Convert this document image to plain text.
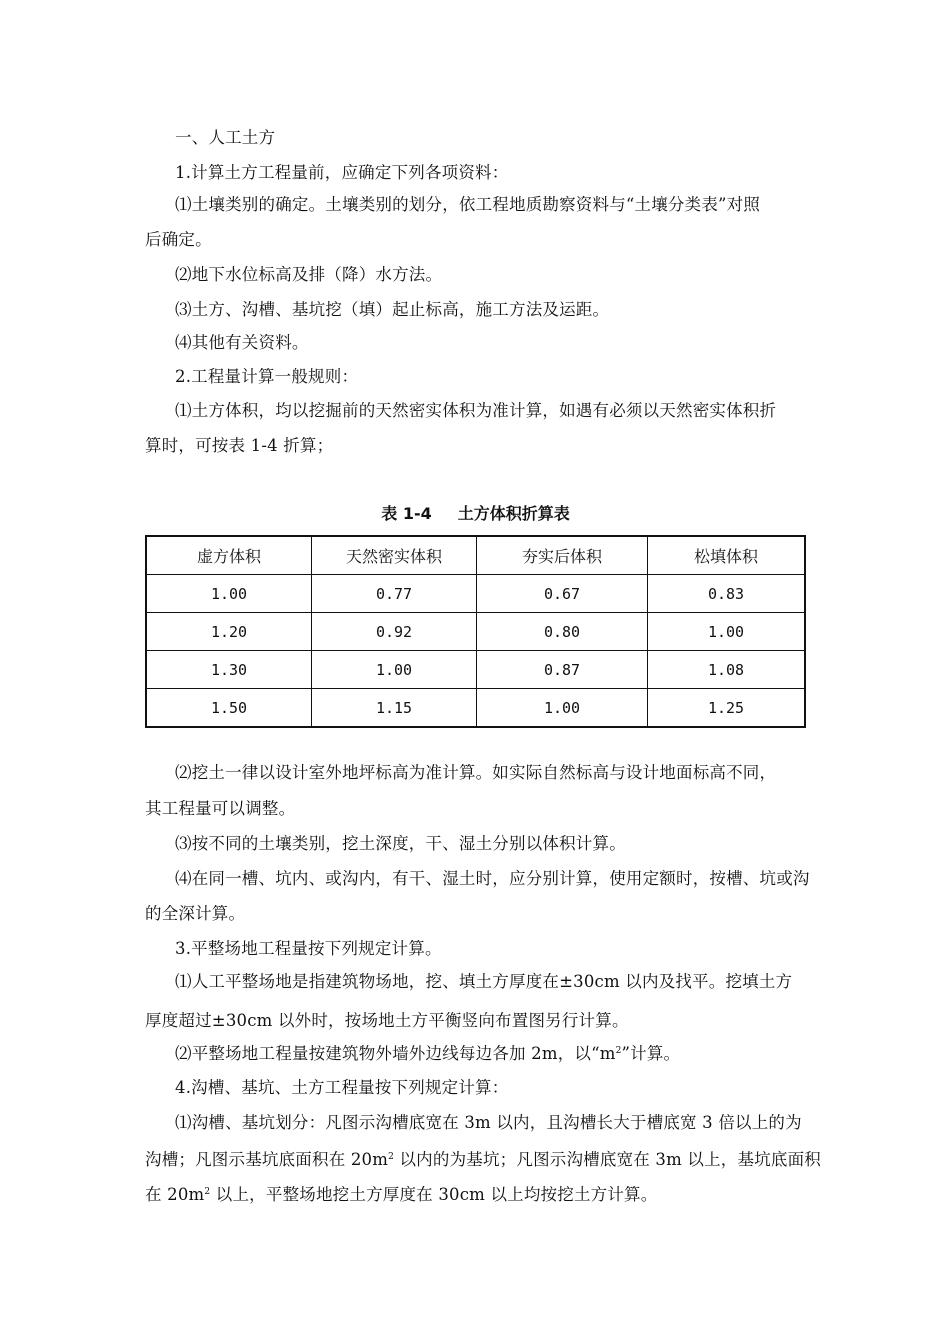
一、人工土方
1.计算土方工程量前，应确定下列各项资料：
⑴土壤类别的确定。土壤类别的划分，依工程地质勘察资料与“土壤分类表”对照
后确定。
⑵地下水位标高及排（降）水方法。
⑶土方、沟槽、基坑挖（填）起止标高，施工方法及运距。
⑷其他有关资料。
2.工程量计算一般规则：
⑴土方体积，均以挖掘前的天然密实体积为准计算，如遇有必须以天然密实体积折
算时，可按表 1-4 折算；
表 1-4 土方体积折算表
虚方体积	天然密实体积	夯实后体积	松填体积
1.00	0.77	0.67	0.83
1.20	0.92	0.80	1.00
1.30	1.00	0.87	1.08
1.50	1.15	1.00	1.25
⑵挖土一律以设计室外地坪标高为准计算。如实际自然标高与设计地面标高不同，
其工程量可以调整。
⑶按不同的土壤类别，挖土深度，干、湿土分别以体积计算。
⑷在同一槽、坑内、或沟内，有干、湿土时，应分别计算，使用定额时，按槽、坑或沟
的全深计算。
3.平整场地工程量按下列规定计算。
⑴人工平整场地是指建筑物场地，挖、填土方厚度在±30cm 以内及找平。挖填土方
厚度超过±30cm 以外时，按场地土方平衡竖向布置图另行计算。
⑵平整场地工程量按建筑物外墙外边线每边各加 2m，以“$m^2$”计算。
4.沟槽、基坑、土方工程量按下列规定计算：
⑴沟槽、基坑划分：凡图示沟槽底宽在 3m 以内，且沟槽长大于槽底宽 3 倍以上的为
沟槽；凡图示基坑底面积在 $20m^2$ 以内的为基坑；凡图示沟槽底宽在 3m 以上，基坑底面积
在 $20m^2$ 以上，平整场地挖土方厚度在 30cm 以上均按挖土方计算。
